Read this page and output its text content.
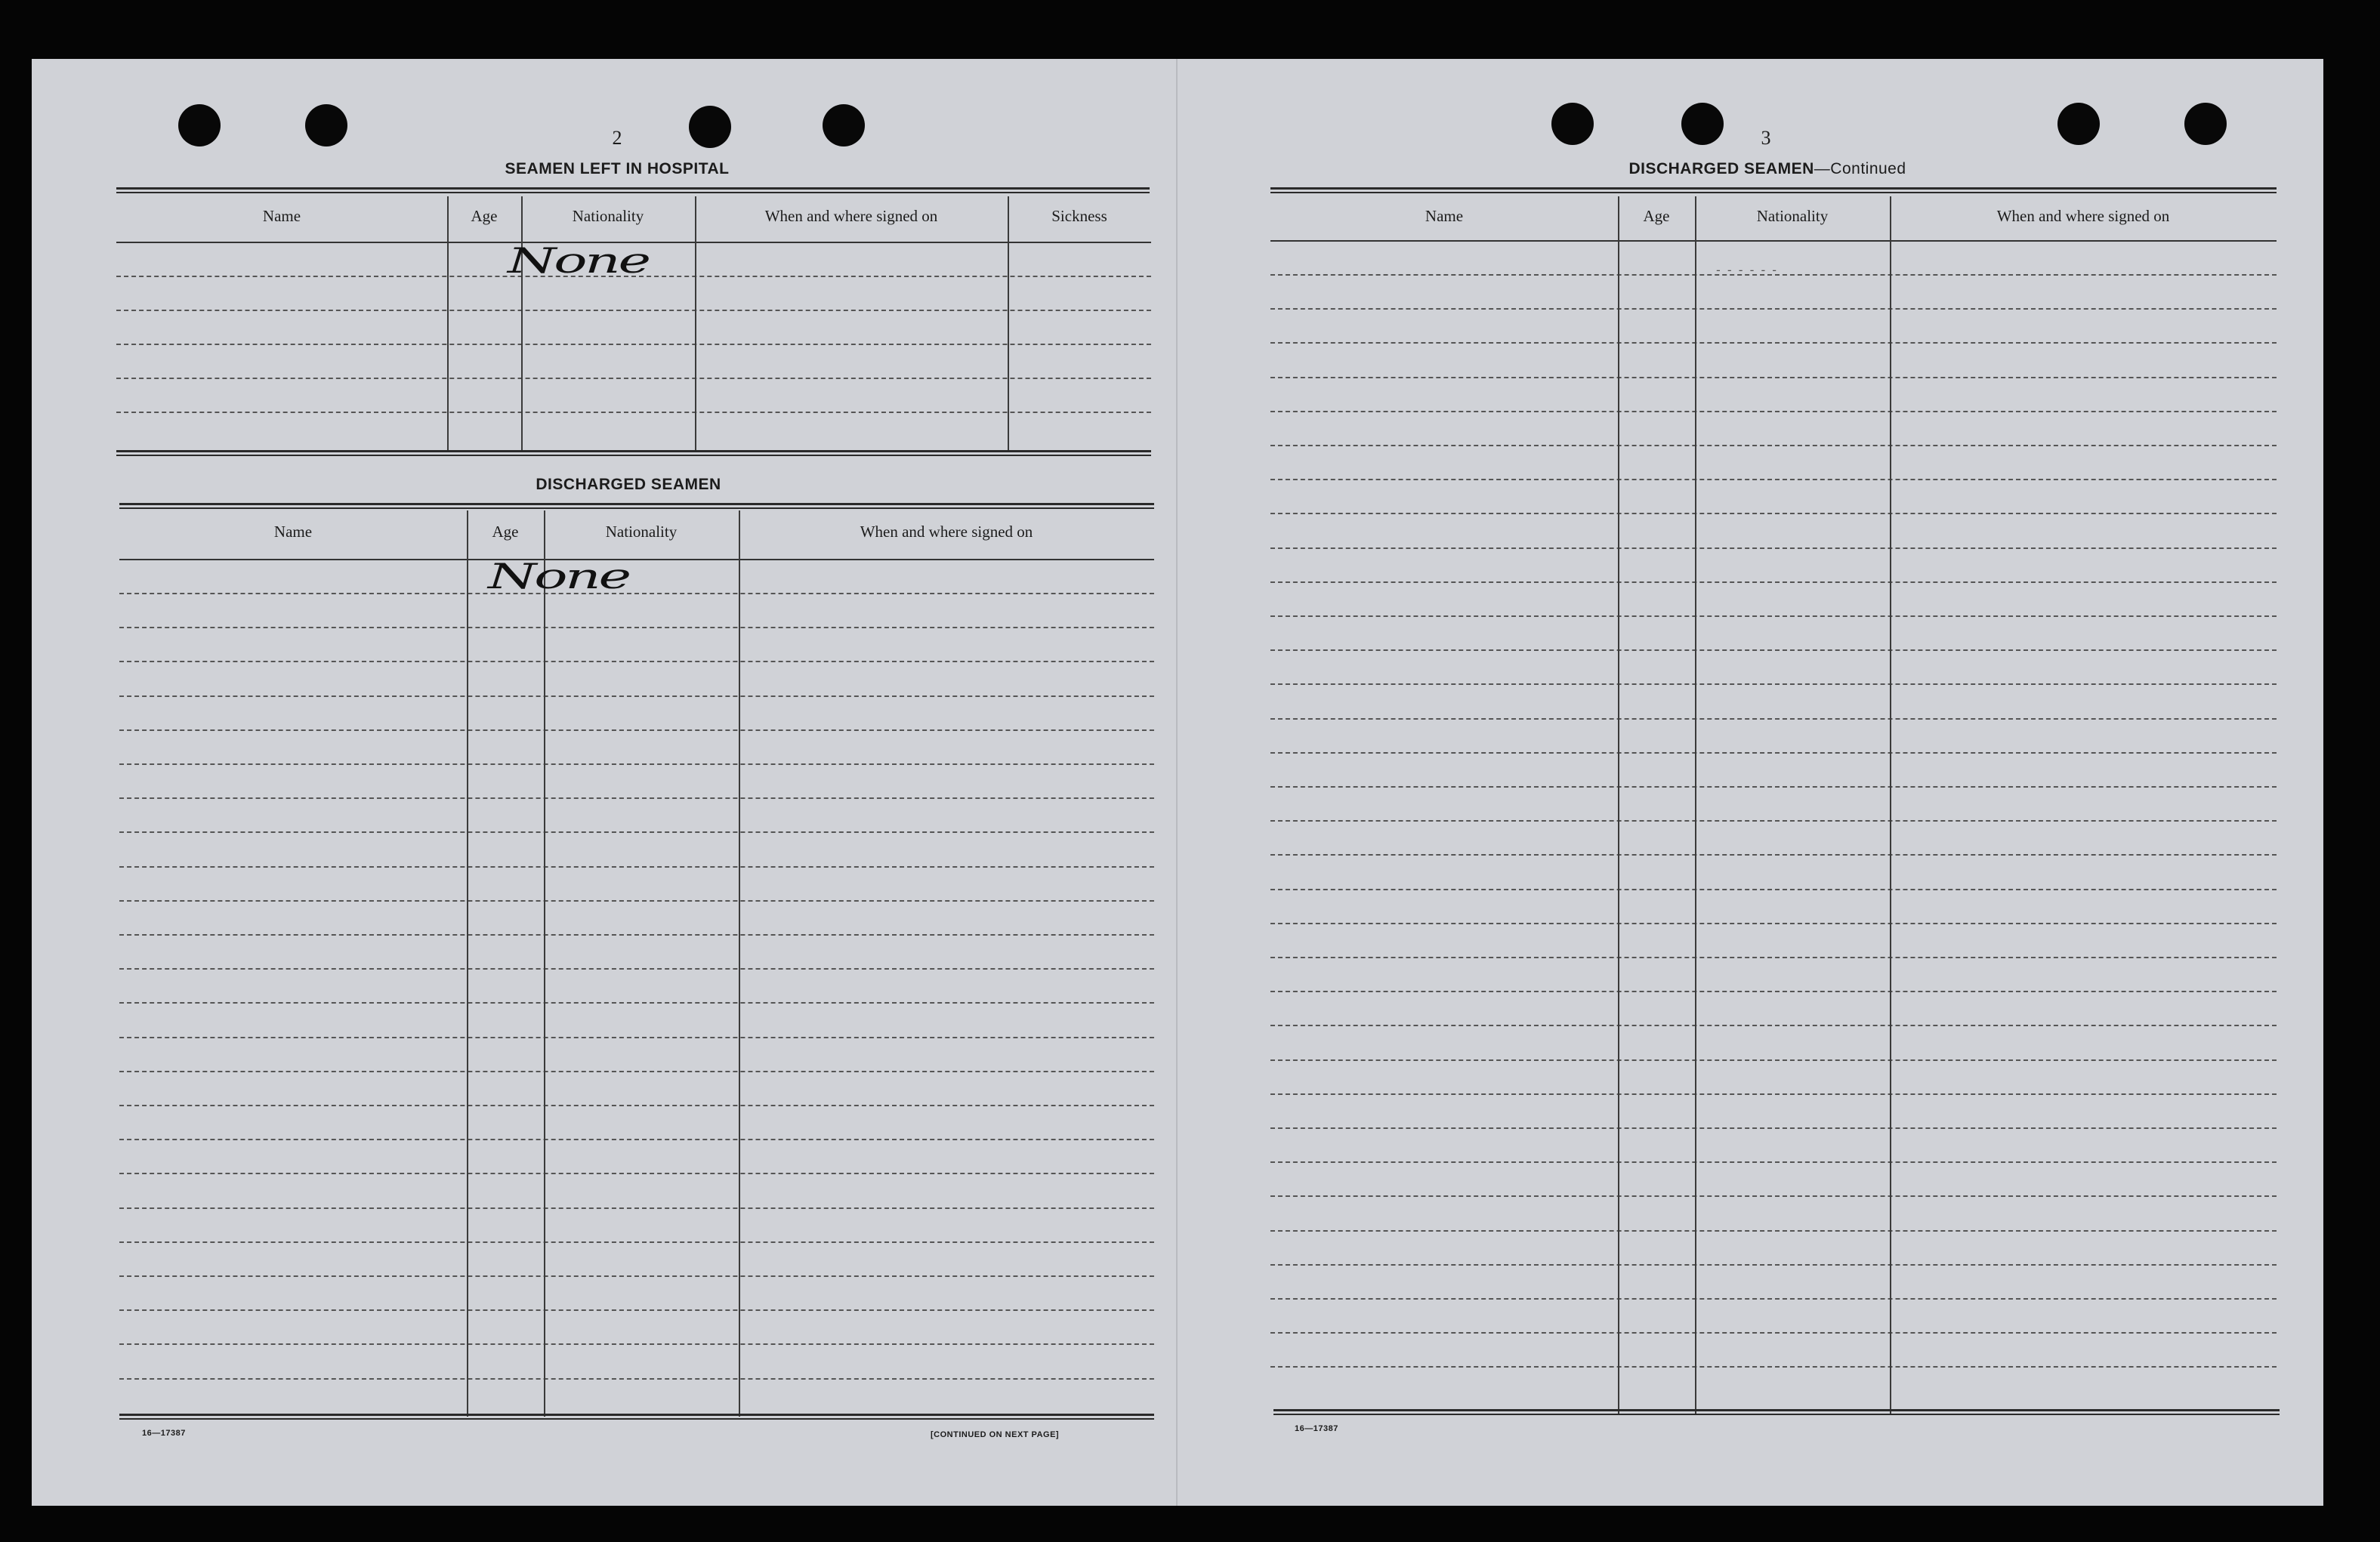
2
SEAMEN LEFT IN HOSPITAL
Name	Age	Nationality	When and where signed on	Sickness
None
DISCHARGED SEAMEN
Name	Age	Nationality	When and where signed on
None
16—17387	[CONTINUED ON NEXT PAGE]
3
DISCHARGED SEAMEN—Continued
Name	Age	Nationality	When and where signed on
- - - - - -
16—17387
